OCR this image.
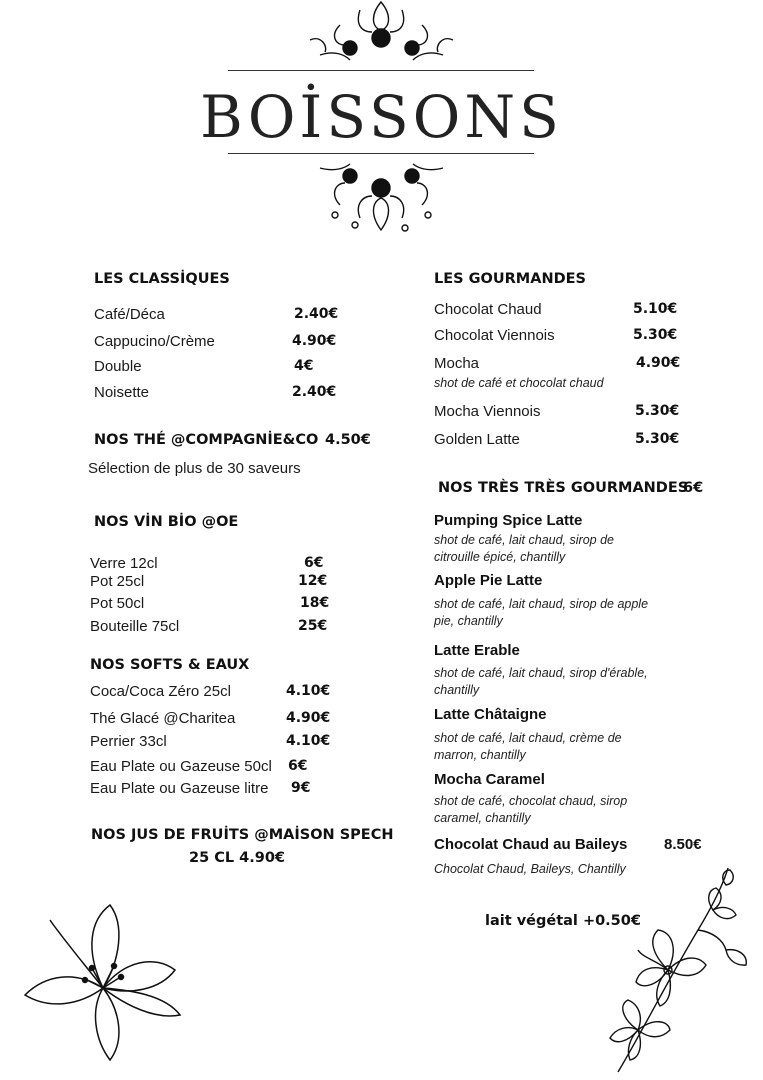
BOİSSONS
LES CLASSİQUES
Café/Déca	2.40€
Cappucino/Crème	4.90€
Double	4€
Noisette	2.40€
NOS THÉ @COMPAGNİE&CO 4.50€
Sélection de plus de 30 saveurs
NOS VİN BİO @OE
Verre 12cl	6€
Pot 25cl	12€
Pot 50cl	18€
Bouteille 75cl	25€
NOS SOFTS & EAUX
Coca/Coca Zéro 25cl	4.10€
Thé Glacé @Charitea	4.90€
Perrier 33cl	4.10€
Eau Plate ou Gazeuse 50cl 6€
Eau Plate ou Gazeuse litre 9€
NOS JUS DE FRUİTS @MAİSON SPECH
25 CL 4.90€
LES GOURMANDES
Chocolat Chaud	5.10€
Chocolat Viennois	5.30€
Mocha	4.90€
shot de café et chocolat chaud
Mocha Viennois	5.30€
Golden Latte	5.30€
NOS TRÈS TRÈS GOURMANDES
6€
Pumping Spice Latte
shot de café, lait chaud, sirop de
citrouille épicé, chantilly
Apple Pie Latte
shot de café, lait chaud, sirop de apple
pie, chantilly
Latte Erable
shot de café, lait chaud, sirop d'érable,
chantilly
Latte Châtaigne
shot de café, lait chaud, crème de
marron, chantilly
Mocha Caramel
shot de café, chocolat chaud, sirop
caramel, chantilly
Chocolat Chaud au Baileys 8.50€
Chocolat Chaud, Baileys, Chantilly
lait végétal +0.50€
